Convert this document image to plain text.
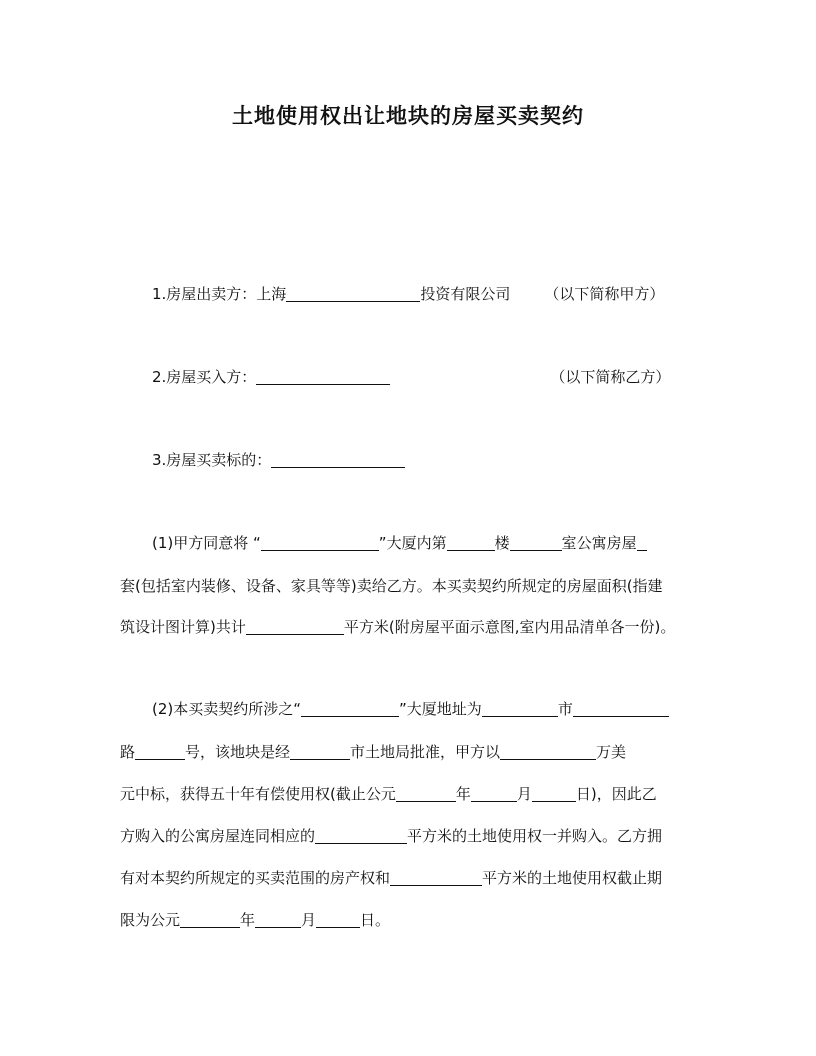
土地使用权出让地块的房屋买卖契约
1.房屋出卖方：上海	投资有限公司 （以下简称甲方）
2.房屋买入方：	（以下简称乙方）
3.房屋买卖标的：
(1)甲方同意将 “	”大厦内第	楼	室公寓房屋
套(包括室内装修、设备、家具等等)卖给乙方。本买卖契约所规定的房屋面积(指建
筑设计图计算)共计	平方米(附房屋平面示意图,室内用品清单各一份)。
(2)本买卖契约所涉之“	”大厦地址为	市
路	号，该地块是经	市土地局批准，甲方以	万美
元中标，获得五十年有偿使用权(截止公元	年	月	日)，因此乙
方购入的公寓房屋连同相应的	平方米的土地使用权一并购入。乙方拥
有对本契约所规定的买卖范围的房产权和	平方米的土地使用权截止期
限为公元	年	月	日。
